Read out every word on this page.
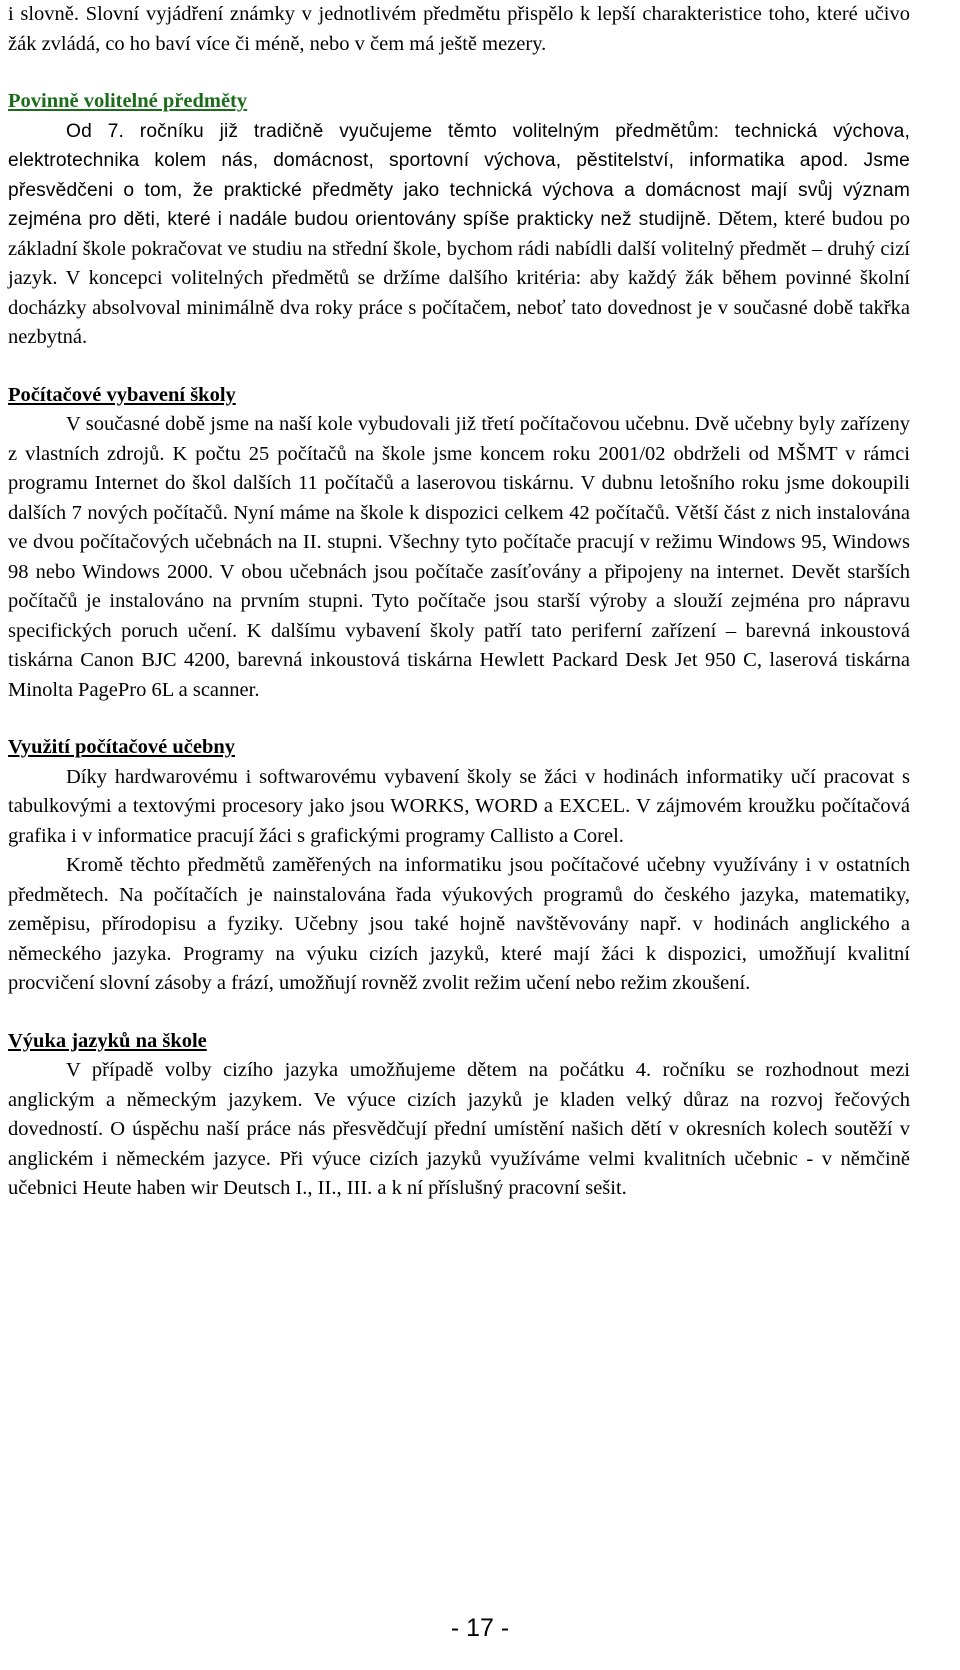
i slovně. Slovní vyjádření známky v jednotlivém předmětu přispělo k lepší charakteristice toho, které učivo žák zvládá, co ho baví více či méně, nebo v čem má ještě mezery.

Povinně volitelné předměty

Od 7. ročníku již tradičně vyučujeme těmto volitelným předmětům: technická výchova, elektrotechnika kolem nás, domácnost, sportovní výchova, pěstitelství, informatika apod. Jsme přesvědčeni o tom, že praktické předměty jako technická výchova a domácnost mají svůj význam zejména pro děti, které i nadále budou orientovány spíše prakticky než studijně. Dětem, které budou po základní škole pokračovat ve studiu na střední škole, bychom rádi nabídli další volitelný předmět – druhý cizí jazyk. V koncepci volitelných předmětů se držíme dalšího kritéria: aby každý žák během povinné školní docházky absolvoval minimálně dva roky práce s počítačem, neboť tato dovednost je v současné době takřka nezbytná.

Počítačové vybavení školy

V současné době jsme na naší kole vybudovali již třetí počítačovou učebnu. Dvě učebny byly zařízeny z vlastních zdrojů. K počtu 25 počítačů na škole jsme koncem roku 2001/02 obdrželi od MŠMT v rámci programu Internet do škol dalších 11 počítačů a laserovou tiskárnu. V dubnu letošního roku jsme dokoupili dalších 7 nových počítačů. Nyní máme na škole k dispozici celkem 42 počítačů. Větší část z nich instalována ve dvou počítačových učebnách na II. stupni. Všechny tyto počítače pracují v režimu Windows 95, Windows 98 nebo Windows 2000. V obou učebnách jsou počítače zasíťovány a připojeny na internet. Devět starších počítačů je instalováno na prvním stupni. Tyto počítače jsou starší výroby a slouží zejména pro nápravu specifických poruch učení. K dalšímu vybavení školy patří tato periferní zařízení – barevná inkoustová tiskárna Canon BJC 4200, barevná inkoustová tiskárna Hewlett Packard Desk Jet 950 C, laserová tiskárna Minolta PagePro 6L a scanner.

Využití počítačové učebny

Díky hardwarovému i softwarovému vybavení školy se žáci v hodinách informatiky učí pracovat s tabulkovými a textovými procesory jako jsou WORKS, WORD a EXCEL. V zájmovém kroužku počítačová grafika i v informatice pracují žáci s grafickými programy Callisto a Corel.

Kromě těchto předmětů zaměřených na informatiku jsou počítačové učebny využívány i v ostatních předmětech. Na počítačích je nainstalována řada výukových programů do českého jazyka, matematiky, zeměpisu, přírodopisu a fyziky. Učebny jsou také hojně navštěvovány např. v hodinách anglického a německého jazyka. Programy na výuku cizích jazyků, které mají žáci k dispozici, umožňují kvalitní procvičení slovní zásoby a frází, umožňují rovněž zvolit režim učení nebo režim zkoušení.

Výuka jazyků na škole

V případě volby cizího jazyka umožňujeme dětem na počátku 4. ročníku se rozhodnout mezi anglickým a německým jazykem. Ve výuce cizích jazyků je kladen velký důraz na rozvoj řečových dovedností. O úspěchu naší práce nás přesvědčují přední umístění našich dětí v okresních kolech soutěží v anglickém i německém jazyce. Při výuce cizích jazyků využíváme velmi kvalitních učebnic - v němčině učebnici Heute haben wir Deutsch I., II., III. a k ní příslušný pracovní sešit.

- 17 -
